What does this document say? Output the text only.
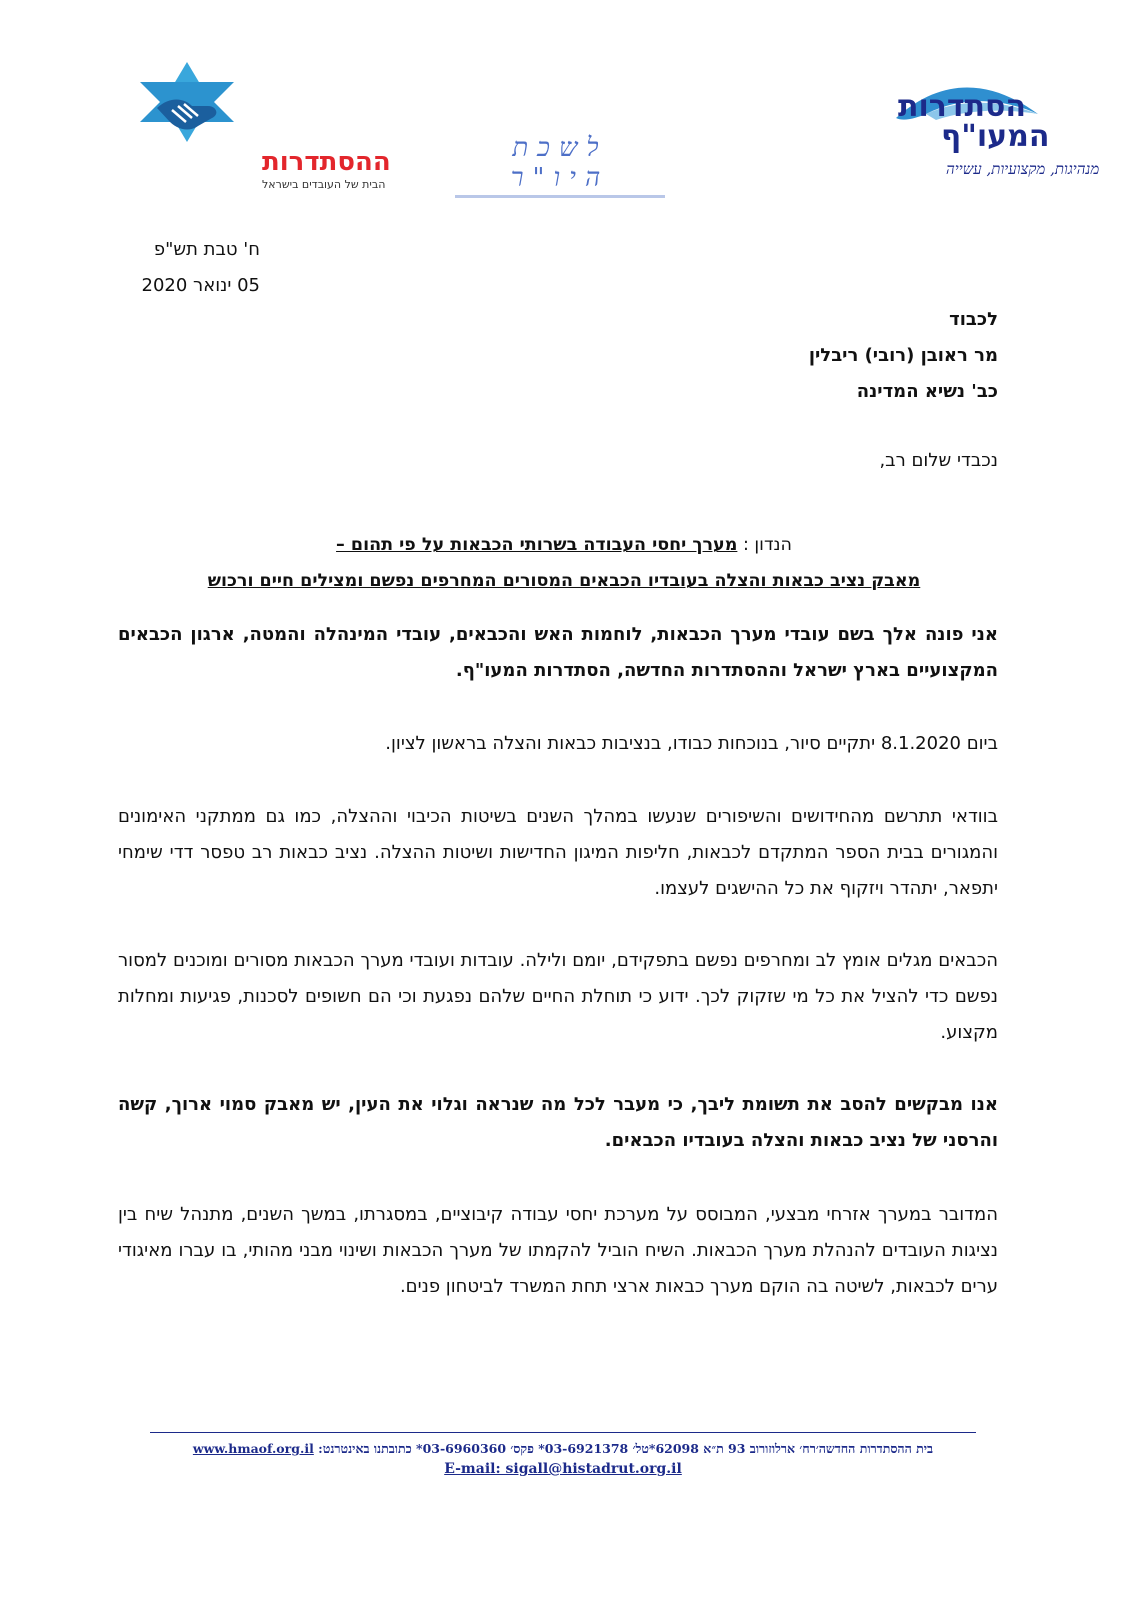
הסתדרות
המעו"ף
מנהיגות, מקצועיות, עשייה
לשכת היו"ר
ההסתדרות
הבית של העובדים בישראל
ח' טבת תש"פ
05 ינואר 2020
לכבוד
מר ראובן (רובי) ריבלין
כב' נשיא המדינה
נכבדי שלום רב,
הנדון : מערך יחסי העבודה בשרותי הכבאות על פי תהום –
מאבק נציב כבאות והצלה בעובדיו הכבאים המסורים המחרפים נפשם ומצילים חיים ורכוש
אני פונה אלך בשם עובדי מערך הכבאות, לוחמות האש והכבאים, עובדי המינהלה והמטה, ארגון הכבאים המקצועיים בארץ ישראל וההסתדרות החדשה, הסתדרות המעו"ף.
ביום 8.1.2020 יתקיים סיור, בנוכחות כבודו, בנציבות כבאות והצלה בראשון לציון.
בוודאי תתרשם מהחידושים והשיפורים שנעשו במהלך השנים בשיטות הכיבוי וההצלה, כמו גם ממתקני האימונים והמגורים בבית הספר המתקדם לכבאות, חליפות המיגון החדישות ושיטות ההצלה. נציב כבאות רב טפסר דדי שימחי יתפאר, יתהדר ויזקוף את כל ההישגים לעצמו.
הכבאים מגלים אומץ לב ומחרפים נפשם בתפקידם, יומם ולילה. עובדות ועובדי מערך הכבאות מסורים ומוכנים למסור נפשם כדי להציל את כל מי שזקוק לכך. ידוע כי תוחלת החיים שלהם נפגעת וכי הם חשופים לסכנות, פגיעות ומחלות מקצוע.
אנו מבקשים להסב את תשומת ליבך, כי מעבר לכל מה שנראה וגלוי את העין, יש מאבק סמוי ארוך, קשה והרסני של נציב כבאות והצלה בעובדיו הכבאים.
המדובר במערך אזרחי מבצעי, המבוסס על מערכת יחסי עבודה קיבוציים, במסגרתו, במשך השנים, מתנהל שיח בין נציגות העובדים להנהלת מערך הכבאות. השיח הוביל להקמתו של מערך הכבאות ושינוי מבני מהותי, בו עברו מאיגודי ערים לכבאות, לשיטה בה הוקם מערך כבאות ארצי תחת המשרד לביטחון פנים.
בית ההסתדרות החדשה׳רח׳ ארלוזורוב 93 ת״א 62098*טל׳ 03-6921378* פקס׳ 03-6960360* כתובתנו באינטרנט: www.hmaof.org.il
E-mail: sigall@histadrut.org.il
